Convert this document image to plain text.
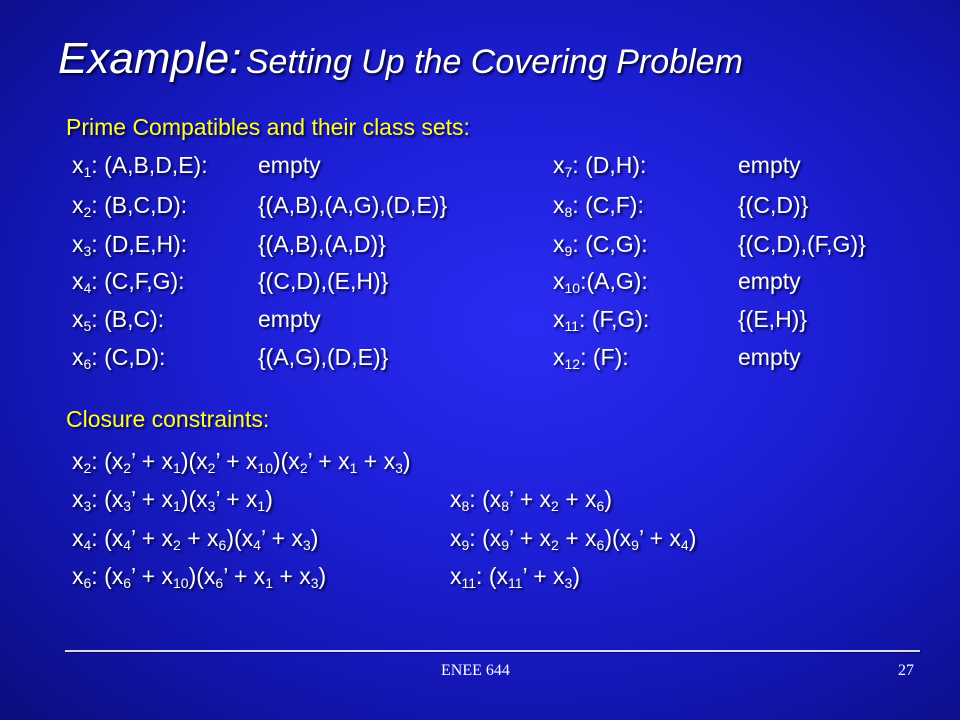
Example: Setting Up the Covering Problem
Prime Compatibles and their class sets:
$x_1$: (A,B,D,E): empty	$x_7$: (D,H):	empty
$x_2$: (B,C,D):	{(A,B),(A,G),(D,E)}	$x_8$: (C,F):	{(C,D)}
$x_3$: (D,E,H):	{(A,B),(A,D)}	$x_9$: (C,G):	{(C,D),(F,G)}
$x_4$: (C,F,G):	{(C,D),(E,H)}	$x_{10}:(A,G)$:	empty
$x_5$: (B,C):	empty	$x_{11}$: (F,G):	{(E,H)}
$x_6$: (C,D):	{(A,G),(D,E)}	$x_{12}$: (F):	empty
Closure constraints:
$x_2$: ($x_2$’ + $x_1)(x_2$’ + $x_{10})(x_2$’ + $x_1 + x_3$)
$x_3$: ($x_3$’ + $x_1)(x_3$’ + $x_1$)	$x_8$: ($x_8$’ + $x_2 + x_6$)
$x_4$: ($x_4$’ + $x_2 + x_6)(x_4$’ + $x_3$)	$x_9$: ($x_9$’ + $x_2 + x_6)(x_9$’ + $x_4$)
$x_6$: ($x_6$’ + $x_{10})(x_6$’ + $x_1 + x_3$)	$x_{11}$: ($x_{11}$’ + $x_3$)
ENEE 644	27
